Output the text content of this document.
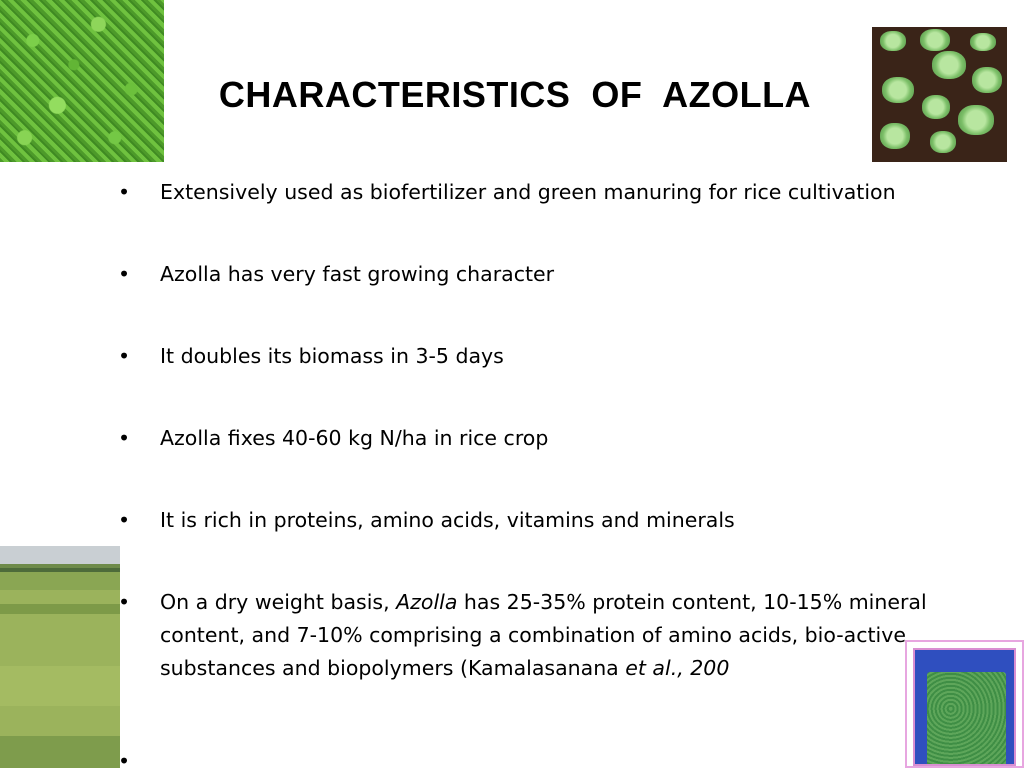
CHARACTERISTICS  OF  AZOLLA
• Extensively used as biofertilizer and green manuring for rice cultivation
• Azolla has very fast growing character
• It doubles its biomass in 3-5 days
• Azolla fixes 40-60 kg N/ha in rice crop
• It is rich in proteins, amino acids, vitamins and minerals
• On a dry weight basis, Azolla has 25-35% protein content, 10-15% mineral content, and 7-10% comprising a combination of amino acids, bio-active substances and biopolymers (Kamalasanana et al., 200
•
